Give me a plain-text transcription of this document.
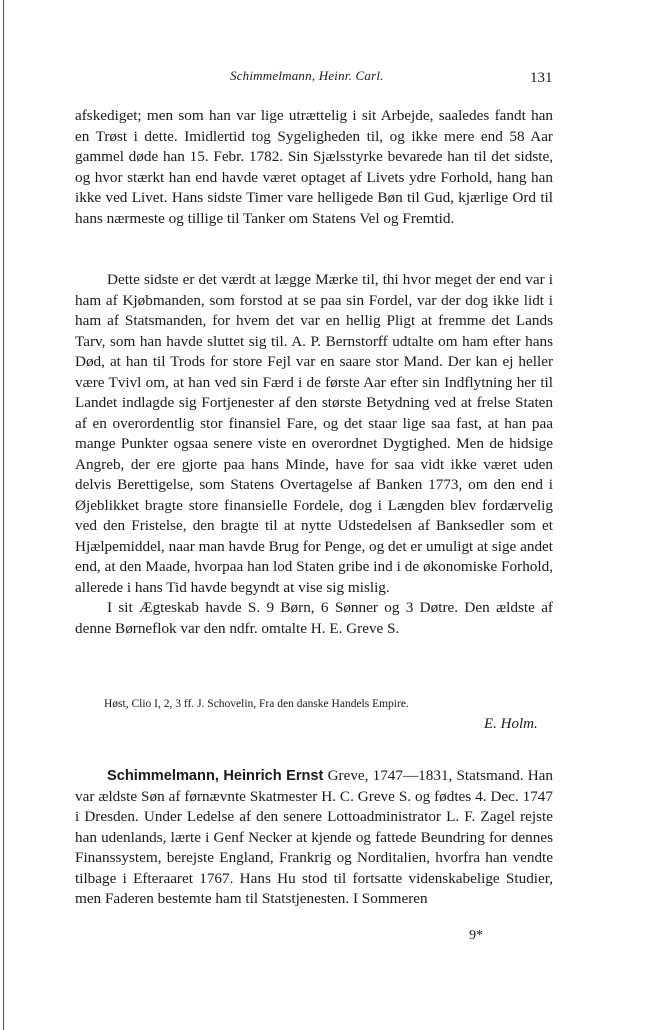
Schimmelmann, Heinr. Carl.	131

afskediget; men som han var lige utrættelig i sit Arbejde, saaledes fandt han en Trøst i dette. Imidlertid tog Sygeligheden til, og ikke mere end 58 Aar gammel døde han 15. Febr. 1782. Sin Sjælsstyrke bevarede han til det sidste, og hvor stærkt han end havde været optaget af Livets ydre Forhold, hang han ikke ved Livet. Hans sidste Timer vare helligede Bøn til Gud, kjærlige Ord til hans nærmeste og tillige til Tanker om Statens Vel og Fremtid.

Dette sidste er det værdt at lægge Mærke til, thi hvor meget der end var i ham af Kjøbmanden, som forstod at se paa sin Fordel, var der dog ikke lidt i ham af Statsmanden, for hvem det var en hellig Pligt at fremme det Lands Tarv, som han havde sluttet sig til. A. P. Bernstorff udtalte om ham efter hans Død, at han til Trods for store Fejl var en saare stor Mand. Der kan ej heller være Tvivl om, at han ved sin Færd i de første Aar efter sin Indflytning her til Landet indlagde sig Fortjenester af den største Betydning ved at frelse Staten af en overordentlig stor finansiel Fare, og det staar lige saa fast, at han paa mange Punkter ogsaa senere viste en overordnet Dygtighed. Men de hidsige Angreb, der ere gjorte paa hans Minde, have for saa vidt ikke været uden delvis Berettigelse, som Statens Overtagelse af Banken 1773, om den end i Øjeblikket bragte store finansielle Fordele, dog i Længden blev fordærvelig ved den Fristelse, den bragte til at nytte Udstedelsen af Banksedler som et Hjælpemiddel, naar man havde Brug for Penge, og det er umuligt at sige andet end, at den Maade, hvorpaa han lod Staten gribe ind i de økonomiske Forhold, allerede i hans Tid havde begyndt at vise sig mislig.

I sit Ægteskab havde S. 9 Børn, 6 Sønner og 3 Døtre. Den ældste af denne Børneflok var den ndfr. omtalte H. E. Greve S.

Høst, Clio I, 2, 3 ff. J. Schovelin, Fra den danske Handels Empire.
E. Holm.

Schimmelmann, Heinrich Ernst Greve, 1747—1831, Statsmand. Han var ældste Søn af førnævnte Skatmester H. C. Greve S. og fødtes 4. Dec. 1747 i Dresden. Under Ledelse af den senere Lottoadministrator L. F. Zagel rejste han udenlands, lærte i Genf Necker at kjende og fattede Beundring for dennes Finanssystem, berejste England, Frankrig og Norditalien, hvorfra han vendte tilbage i Efteraaret 1767. Hans Hu stod til fortsatte videnskabelige Studier, men Faderen bestemte ham til Statstjenesten. I Sommeren

9*
